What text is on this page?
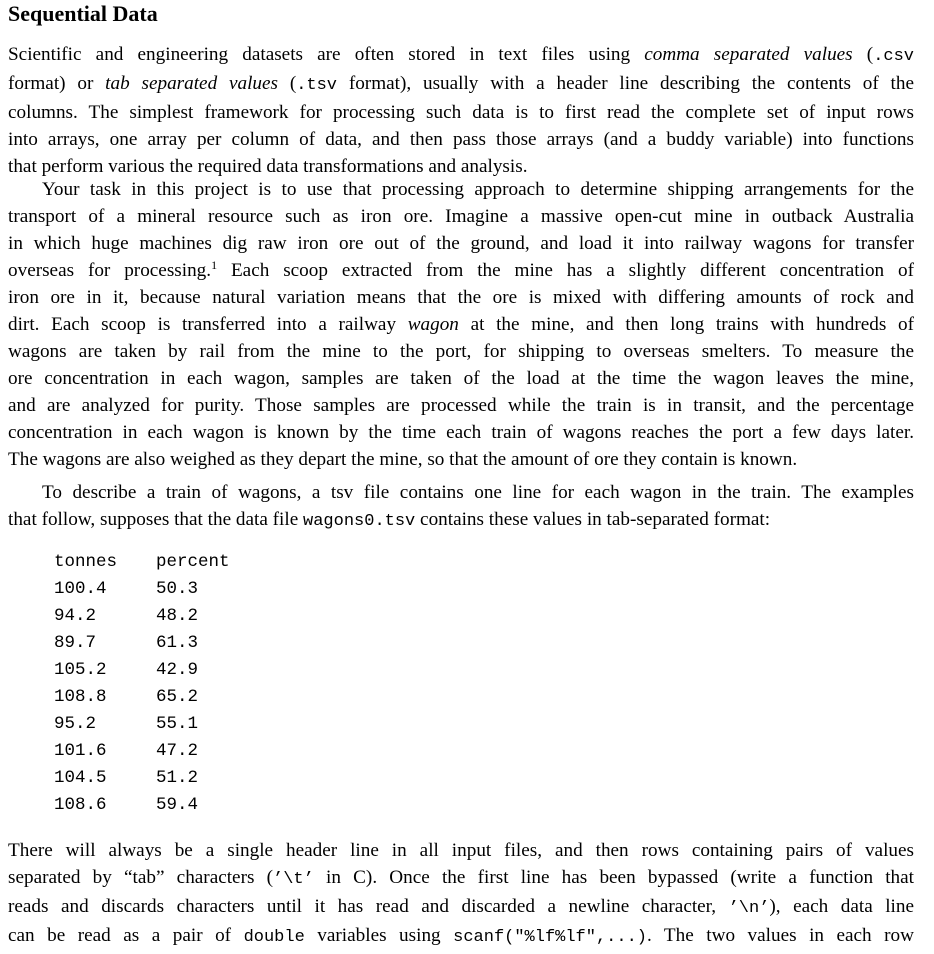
Sequential Data
Scientific and engineering datasets are often stored in text files using comma separated values (.csv
format) or tab separated values (.tsv format), usually with a header line describing the contents of the
columns. The simplest framework for processing such data is to first read the complete set of input rows
into arrays, one array per column of data, and then pass those arrays (and a buddy variable) into functions
that perform various the required data transformations and analysis.
Your task in this project is to use that processing approach to determine shipping arrangements for the
transport of a mineral resource such as iron ore. Imagine a massive open-cut mine in outback Australia
in which huge machines dig raw iron ore out of the ground, and load it into railway wagons for transfer
overseas for processing.$^1$ Each scoop extracted from the mine has a slightly different concentration of
iron ore in it, because natural variation means that the ore is mixed with differing amounts of rock and
dirt. Each scoop is transferred into a railway wagon at the mine, and then long trains with hundreds of
wagons are taken by rail from the mine to the port, for shipping to overseas smelters. To measure the
ore concentration in each wagon, samples are taken of the load at the time the wagon leaves the mine,
and are analyzed for purity. Those samples are processed while the train is in transit, and the percentage
concentration in each wagon is known by the time each train of wagons reaches the port a few days later.
The wagons are also weighed as they depart the mine, so that the amount of ore they contain is known.
To describe a train of wagons, a tsv file contains one line for each wagon in the train. The examples
that follow, supposes that the data file wagons0.tsv contains these values in tab-separated format:
tonnes	percent
100.4	50.3
94.2	48.2
89.7	61.3
105.2	42.9
108.8	65.2
95.2	55.1
101.6	47.2
104.5	51.2
108.6	59.4
There will always be a single header line in all input files, and then rows containing pairs of values
separated by “tab” characters (’\t’ in C). Once the first line has been bypassed (write a function that
reads and discards characters until it has read and discarded a newline character, ’\n’), each data line
can be read as a pair of double variables using scanf("%lf%lf",...). The two values in each row
